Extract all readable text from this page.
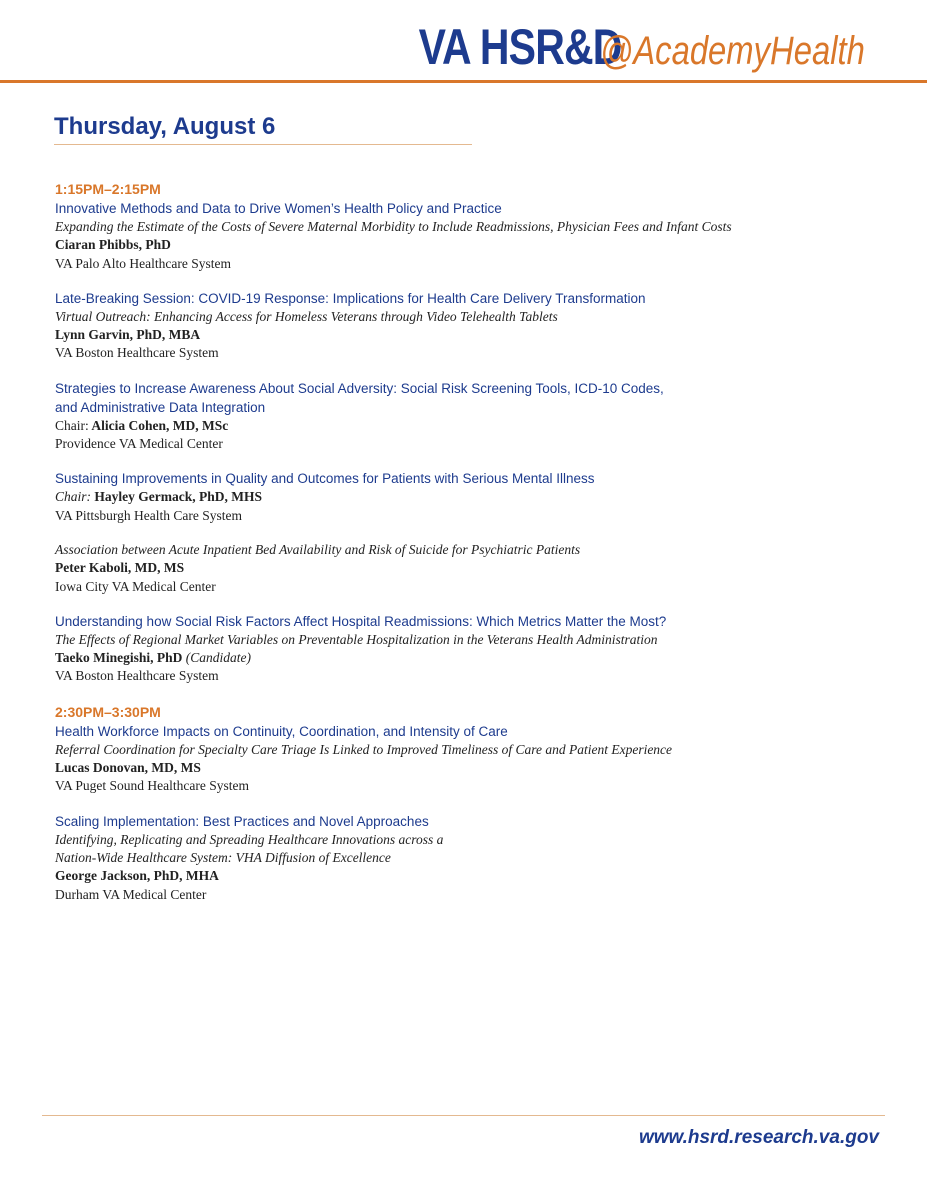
VA HSR&D@AcademyHealth
Thursday, August 6
1:15PM–2:15PM
Innovative Methods and Data to Drive Women’s Health Policy and Practice
Expanding the Estimate of the Costs of Severe Maternal Morbidity to Include Readmissions, Physician Fees and Infant Costs
Ciaran Phibbs, PhD
VA Palo Alto Healthcare System
Late-Breaking Session: COVID-19 Response: Implications for Health Care Delivery Transformation
Virtual Outreach: Enhancing Access for Homeless Veterans through Video Telehealth Tablets
Lynn Garvin, PhD, MBA
VA Boston Healthcare System
Strategies to Increase Awareness About Social Adversity: Social Risk Screening Tools, ICD-10 Codes,
and Administrative Data Integration
Chair: Alicia Cohen, MD, MSc
Providence VA Medical Center
Sustaining Improvements in Quality and Outcomes for Patients with Serious Mental Illness
Chair: Hayley Germack, PhD, MHS
VA Pittsburgh Health Care System
Association between Acute Inpatient Bed Availability and Risk of Suicide for Psychiatric Patients
Peter Kaboli, MD, MS
Iowa City VA Medical Center
Understanding how Social Risk Factors Affect Hospital Readmissions: Which Metrics Matter the Most?
The Effects of Regional Market Variables on Preventable Hospitalization in the Veterans Health Administration
Taeko Minegishi, PhD (Candidate)
VA Boston Healthcare System
2:30PM–3:30PM
Health Workforce Impacts on Continuity, Coordination, and Intensity of Care
Referral Coordination for Specialty Care Triage Is Linked to Improved Timeliness of Care and Patient Experience
Lucas Donovan, MD, MS
VA Puget Sound Healthcare System
Scaling Implementation: Best Practices and Novel Approaches
Identifying, Replicating and Spreading Healthcare Innovations across a
Nation-Wide Healthcare System: VHA Diffusion of Excellence
George Jackson, PhD, MHA
Durham VA Medical Center
www.hsrd.research.va.gov
